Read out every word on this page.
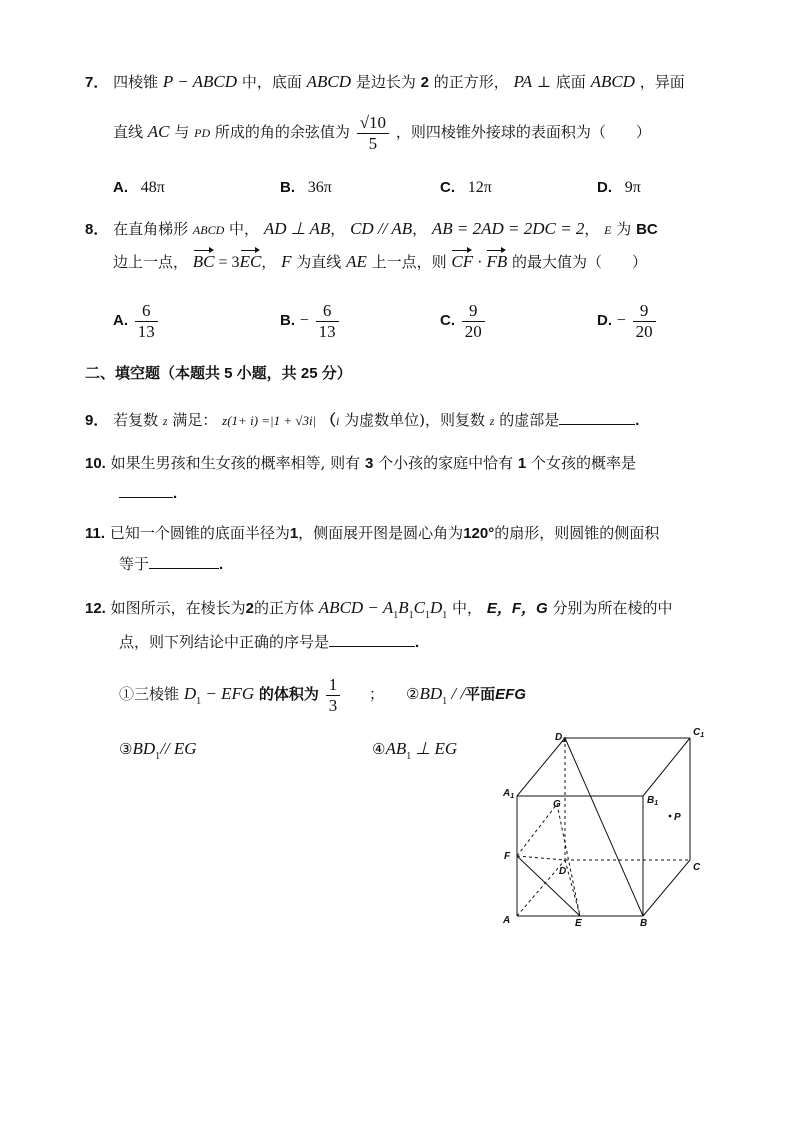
7． 四棱锥 P − ABCD 中，底面 ABCD 是边长为 2 的正方形， PA ⊥ 底面 ABCD ，异面
直线 AC 与 PD 所成的角的余弦值为 $\frac{√10}{5}$ ，则四棱锥外接球的表面积为（　　）
A. 48π	B. 36π	C. 12π	D. 9π
8． 在直角梯形 ABCD 中， AD ⊥ AB， CD // AB， AB = 2AD = 2DC = 2， E 为 BC
边上一点， BC = 3EC， F 为直线 AE 上一点，则 CF · FB 的最大值为（　　）
A. $\frac{6}{13}$	B. − $\frac{6}{13}$	C. $\frac{9}{20}$	D. − $\frac{9}{20}$
二、填空题（本题共 5 小题，共 25 分）
9． 若复数 z 满足： z(1+ i) =|1 + √3i| （i 为虚数单位)，则复数 z 的虚部是	.
10. 如果生男孩和生女孩的概率相等, 则有 3 个小孩的家庭中恰有 1 个女孩的概率是
.
11. 已知一个圆锥的底面半径为1，侧面展开图是圆心角为120°的扇形，则圆锥的侧面积
等于	.
12. 如图所示，在棱长为2的正方体 ABCD − $A_1B_1C_1D_1$ 中， E，F，G 分别为所在棱的中
点，则下列结论中正确的序号是	.
①三棱锥 $D_1$ − EFG 的体积为 $\frac{1}{3}$ ； $②BD_1$ / /平面EFG
$③BD_1//$ EG	$④AB_1$ ⊥ EG
$D_1$
$C_1$
$A_1$	$B_1$
G
P
F
D	C
A	E	B
